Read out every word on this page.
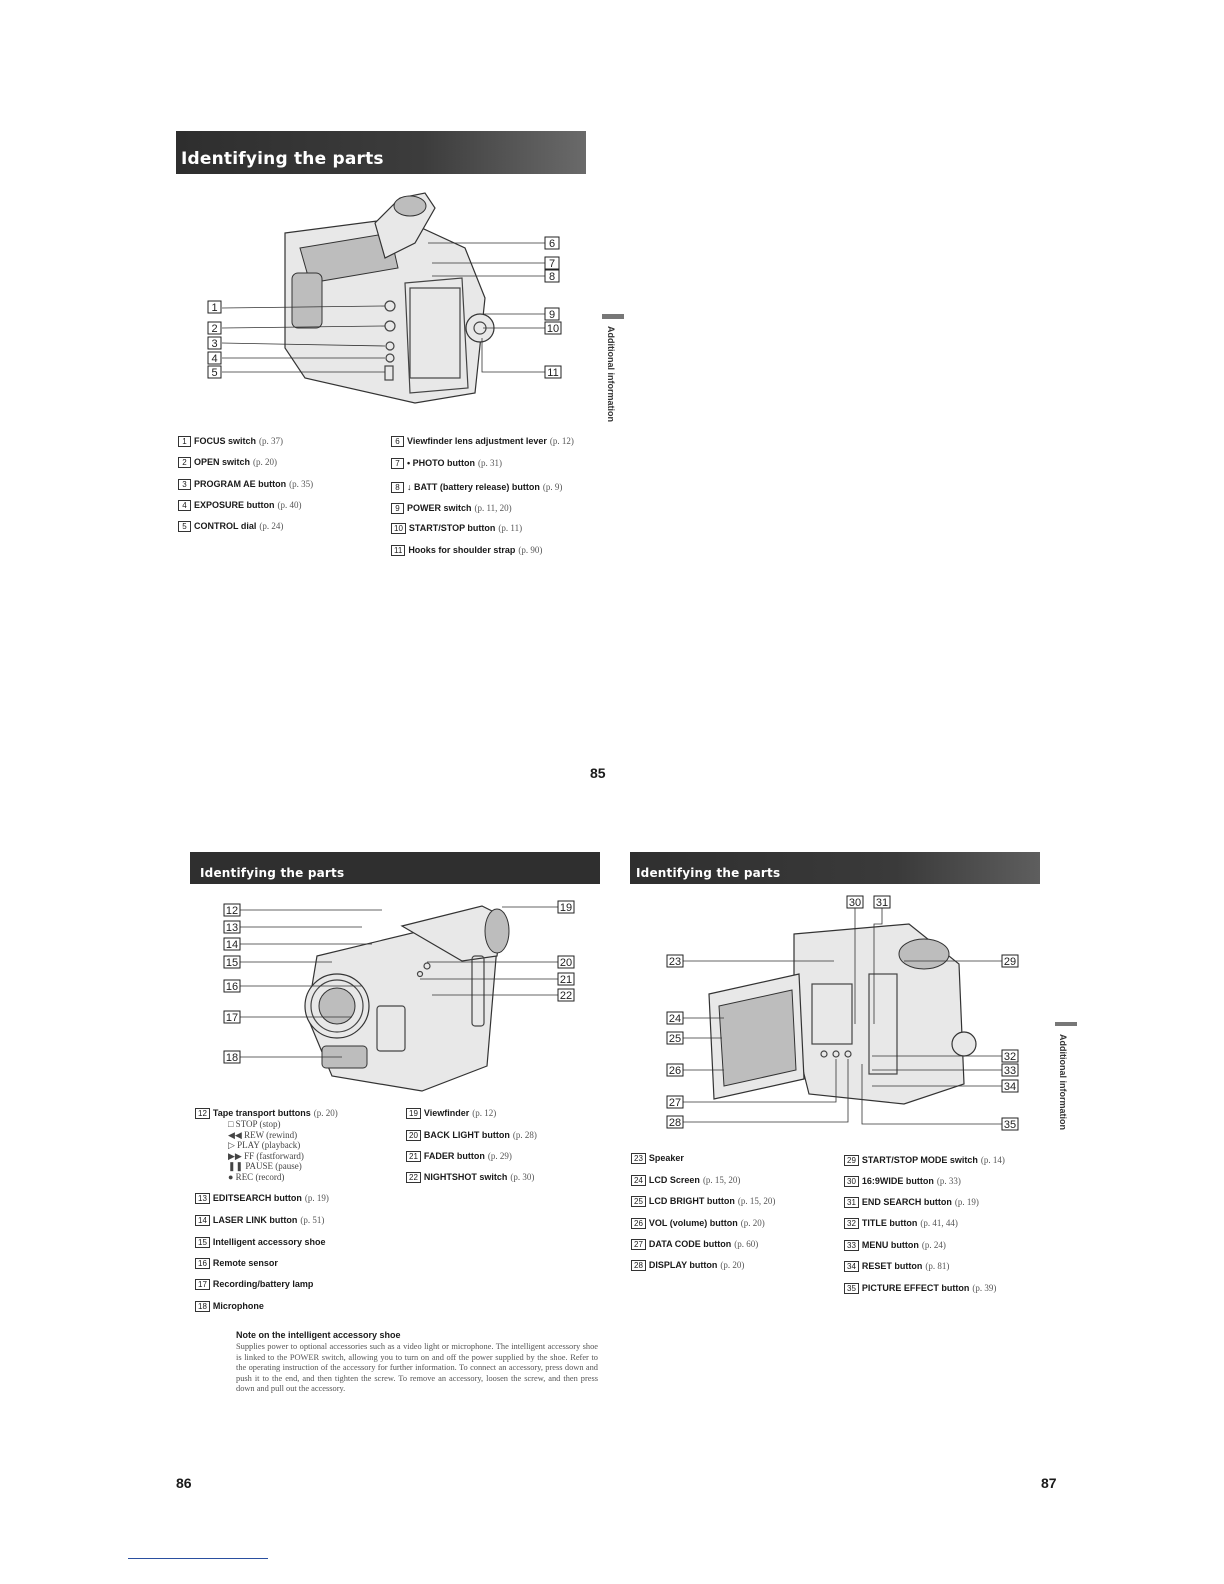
Identifying the parts
1
2
3
4
5
6
7
8
9
10
11	Additional information
1 FOCUS switch (p. 37)
2 OPEN switch (p. 20)
3 PROGRAM AE button (p. 35)
4 EXPOSURE button (p. 40)
5 CONTROL dial (p. 24)
6 Viewfinder lens adjustment lever (p. 12)
7 • PHOTO button (p. 31)
8 ↓ BATT (battery release) button (p. 9)
9 POWER switch (p. 11, 20)
10 START/STOP button (p. 11)
11 Hooks for shoulder strap (p. 90)
85
Identifying the parts
12
13
14
15
16
17
18
19
20
21
22
12 Tape transport buttons (p. 20)
□ STOP (stop)
◀◀ REW (rewind)
▷ PLAY (playback)
▶▶ FF (fastforward)
❚❚ PAUSE (pause)
● REC (record)
13 EDITSEARCH button (p. 19)
14 LASER LINK button (p. 51)
15 Intelligent accessory shoe
16 Remote sensor
17 Recording/battery lamp
18 Microphone
19 Viewfinder (p. 12)
20 BACK LIGHT button (p. 28)
21 FADER button (p. 29)
22 NIGHTSHOT switch (p. 30)
Note on the intelligent accessory shoe
Supplies power to optional accessories such as a video light or microphone. The intelligent accessory shoe is linked to the POWER switch, allowing you to turn on and off the power supplied by the shoe. Refer to the operating instruction of the accessory for further information. To connect an accessory, press down and push it to the end, and then tighten the screw. To remove an accessory, loosen the screw, and then press down and pull out the accessory.
86
Identifying the parts
23
24
25
26
27
28
29
30 31
32
33
34
35	Additional information
23 Speaker
24 LCD Screen (p. 15, 20)
25 LCD BRIGHT button (p. 15, 20)
26 VOL (volume) button (p. 20)
27 DATA CODE button (p. 60)
28 DISPLAY button (p. 20)
29 START/STOP MODE switch (p. 14)
30 16:9WIDE button (p. 33)
31 END SEARCH button (p. 19)
32 TITLE button (p. 41, 44)
33 MENU button (p. 24)
34 RESET button (p. 81)
35 PICTURE EFFECT button (p. 39)
87
